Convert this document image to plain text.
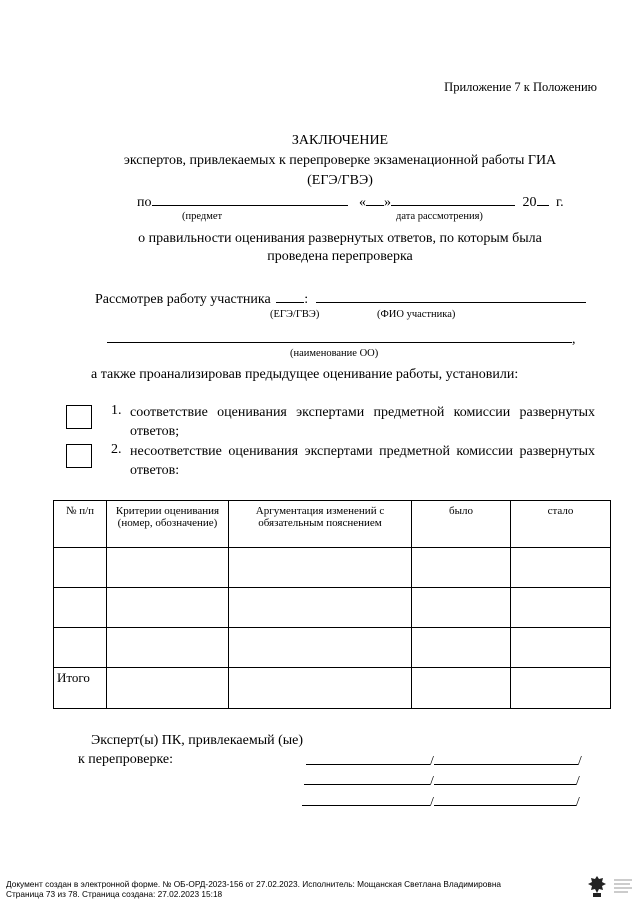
Приложение 7 к Положению
ЗАКЛЮЧЕНИЕ
экспертов, привлекаемых к перепроверке экзаменационной работы ГИА
(ЕГЭ/ГВЭ)
по	« »	20 г.
(предмет	дата рассмотрения)
о правильности оценивания развернутых ответов, по которым была
проведена перепроверка
Рассмотрев работу участника :
(ЕГЭ/ГВЭ)	(ФИО участника)
,
(наименование ОО)
а также проанализировав предыдущее оценивание работы, установили:
1. соответствие оценивания экспертами предметной комиссии развернутых ответов;
2. несоответствие оценивания экспертами предметной комиссии развернутых ответов:
№ п/п	Критерии оценивания (номер, обозначение)	Аргументация изменений с обязательным пояснением	было	стало

Итого				
Эксперт(ы) ПК, привлекаемый (ые)
к перепроверке:	/	/
/	/
/	/
Документ создан в электронной форме. № ОБ-ОРД-2023-156 от 27.02.2023. Исполнитель: Мощанская Светлана Владимировна
Страница 73 из 78. Страница создана: 27.02.2023 15:18
